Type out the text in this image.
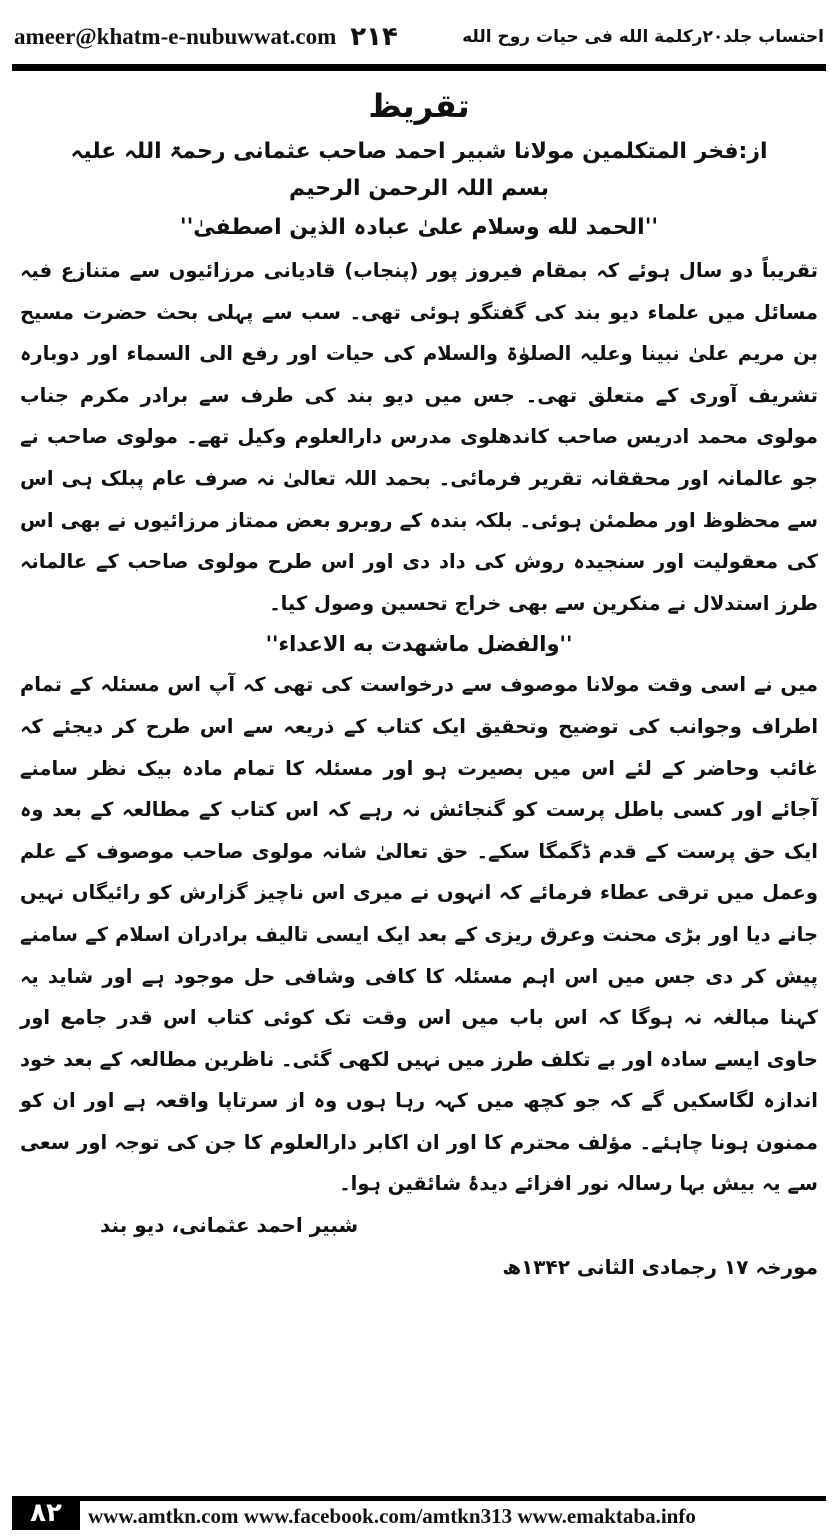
ameer@khatm-e-nubuwwat.com ۲۱۴	احتساب جلد۲۰رکلمة الله فی حیات روح الله
تقریظ
از:فخر المتکلمین مولانا شبیر احمد صاحب عثمانی رحمۃ اللہ علیہ
بسم اللہ الرحمن الرحیم
''الحمد لله وسلام علیٰ عبادہ الذین اصطفیٰ''

تقریباً دو سال ہوئے کہ بمقام فیروز پور (پنجاب) قادیانی مرزائیوں سے متنازع فیہ مسائل میں علماء دیو بند کی گفتگو ہوئی تھی۔ سب سے پہلی بحث حضرت مسیح بن مریم علیٰ نبینا وعلیہ الصلوٰۃ والسلام کی حیات اور رفع الی السماء اور دوبارہ تشریف آوری کے متعلق تھی۔ جس میں دیو بند کی طرف سے برادر مکرم جناب مولوی محمد ادریس صاحب کاندھلوی مدرس دارالعلوم وکیل تھے۔ مولوی صاحب نے جو عالمانہ اور محققانہ تقریر فرمائی۔ بحمد اللہ تعالیٰ نہ صرف عام پبلک ہی اس سے محظوظ اور مطمئن ہوئی۔ بلکہ بندہ کے روبرو بعض ممتاز مرزائیوں نے بھی اس کی معقولیت اور سنجیدہ روش کی داد دی اور اس طرح مولوی صاحب کے عالمانہ طرز استدلال نے منکرین سے بھی خراج تحسین وصول کیا۔

''والفضل ماشهدت به الاعداء''

میں نے اسی وقت مولانا موصوف سے درخواست کی تھی کہ آپ اس مسئلہ کے تمام اطراف وجوانب کی توضیح وتحقیق ایک کتاب کے ذریعہ سے اس طرح کر دیجئے کہ غائب وحاضر کے لئے اس میں بصیرت ہو اور مسئلہ کا تمام مادہ بیک نظر سامنے آجائے اور کسی باطل پرست کو گنجائش نہ رہے کہ اس کتاب کے مطالعہ کے بعد وہ ایک حق پرست کے قدم ڈگمگا سکے۔ حق تعالیٰ شانہ مولوی صاحب موصوف کے علم وعمل میں ترقی عطاء فرمائے کہ انہوں نے میری اس ناچیز گزارش کو رائیگاں نہیں جانے دیا اور بڑی محنت وعرق ریزی کے بعد ایک ایسی تالیف برادران اسلام کے سامنے پیش کر دی جس میں اس اہم مسئلہ کا کافی وشافی حل موجود ہے اور شاید یہ کہنا مبالغہ نہ ہوگا کہ اس باب میں اس وقت تک کوئی کتاب اس قدر جامع اور حاوی ایسے سادہ اور بے تکلف طرز میں نہیں لکھی گئی۔ ناظرین مطالعہ کے بعد خود اندازہ لگاسکیں گے کہ جو کچھ میں کہہ رہا ہوں وہ از سرتاپا واقعہ ہے اور ان کو ممنون ہونا چاہئے۔ مؤلف محترم کا اور ان اکابر دارالعلوم کا جن کی توجہ اور سعی سے یہ بیش بہا رسالہ نور افزائے دیدۂ شائقین ہوا۔

شبیر احمد عثمانی، دیو بند
مورخہ ۱۷ رجمادی الثانی ۱۳۴۲ھ
۸۲	www.amtkn.com www.facebook.com/amtkn313 www.emaktaba.info
